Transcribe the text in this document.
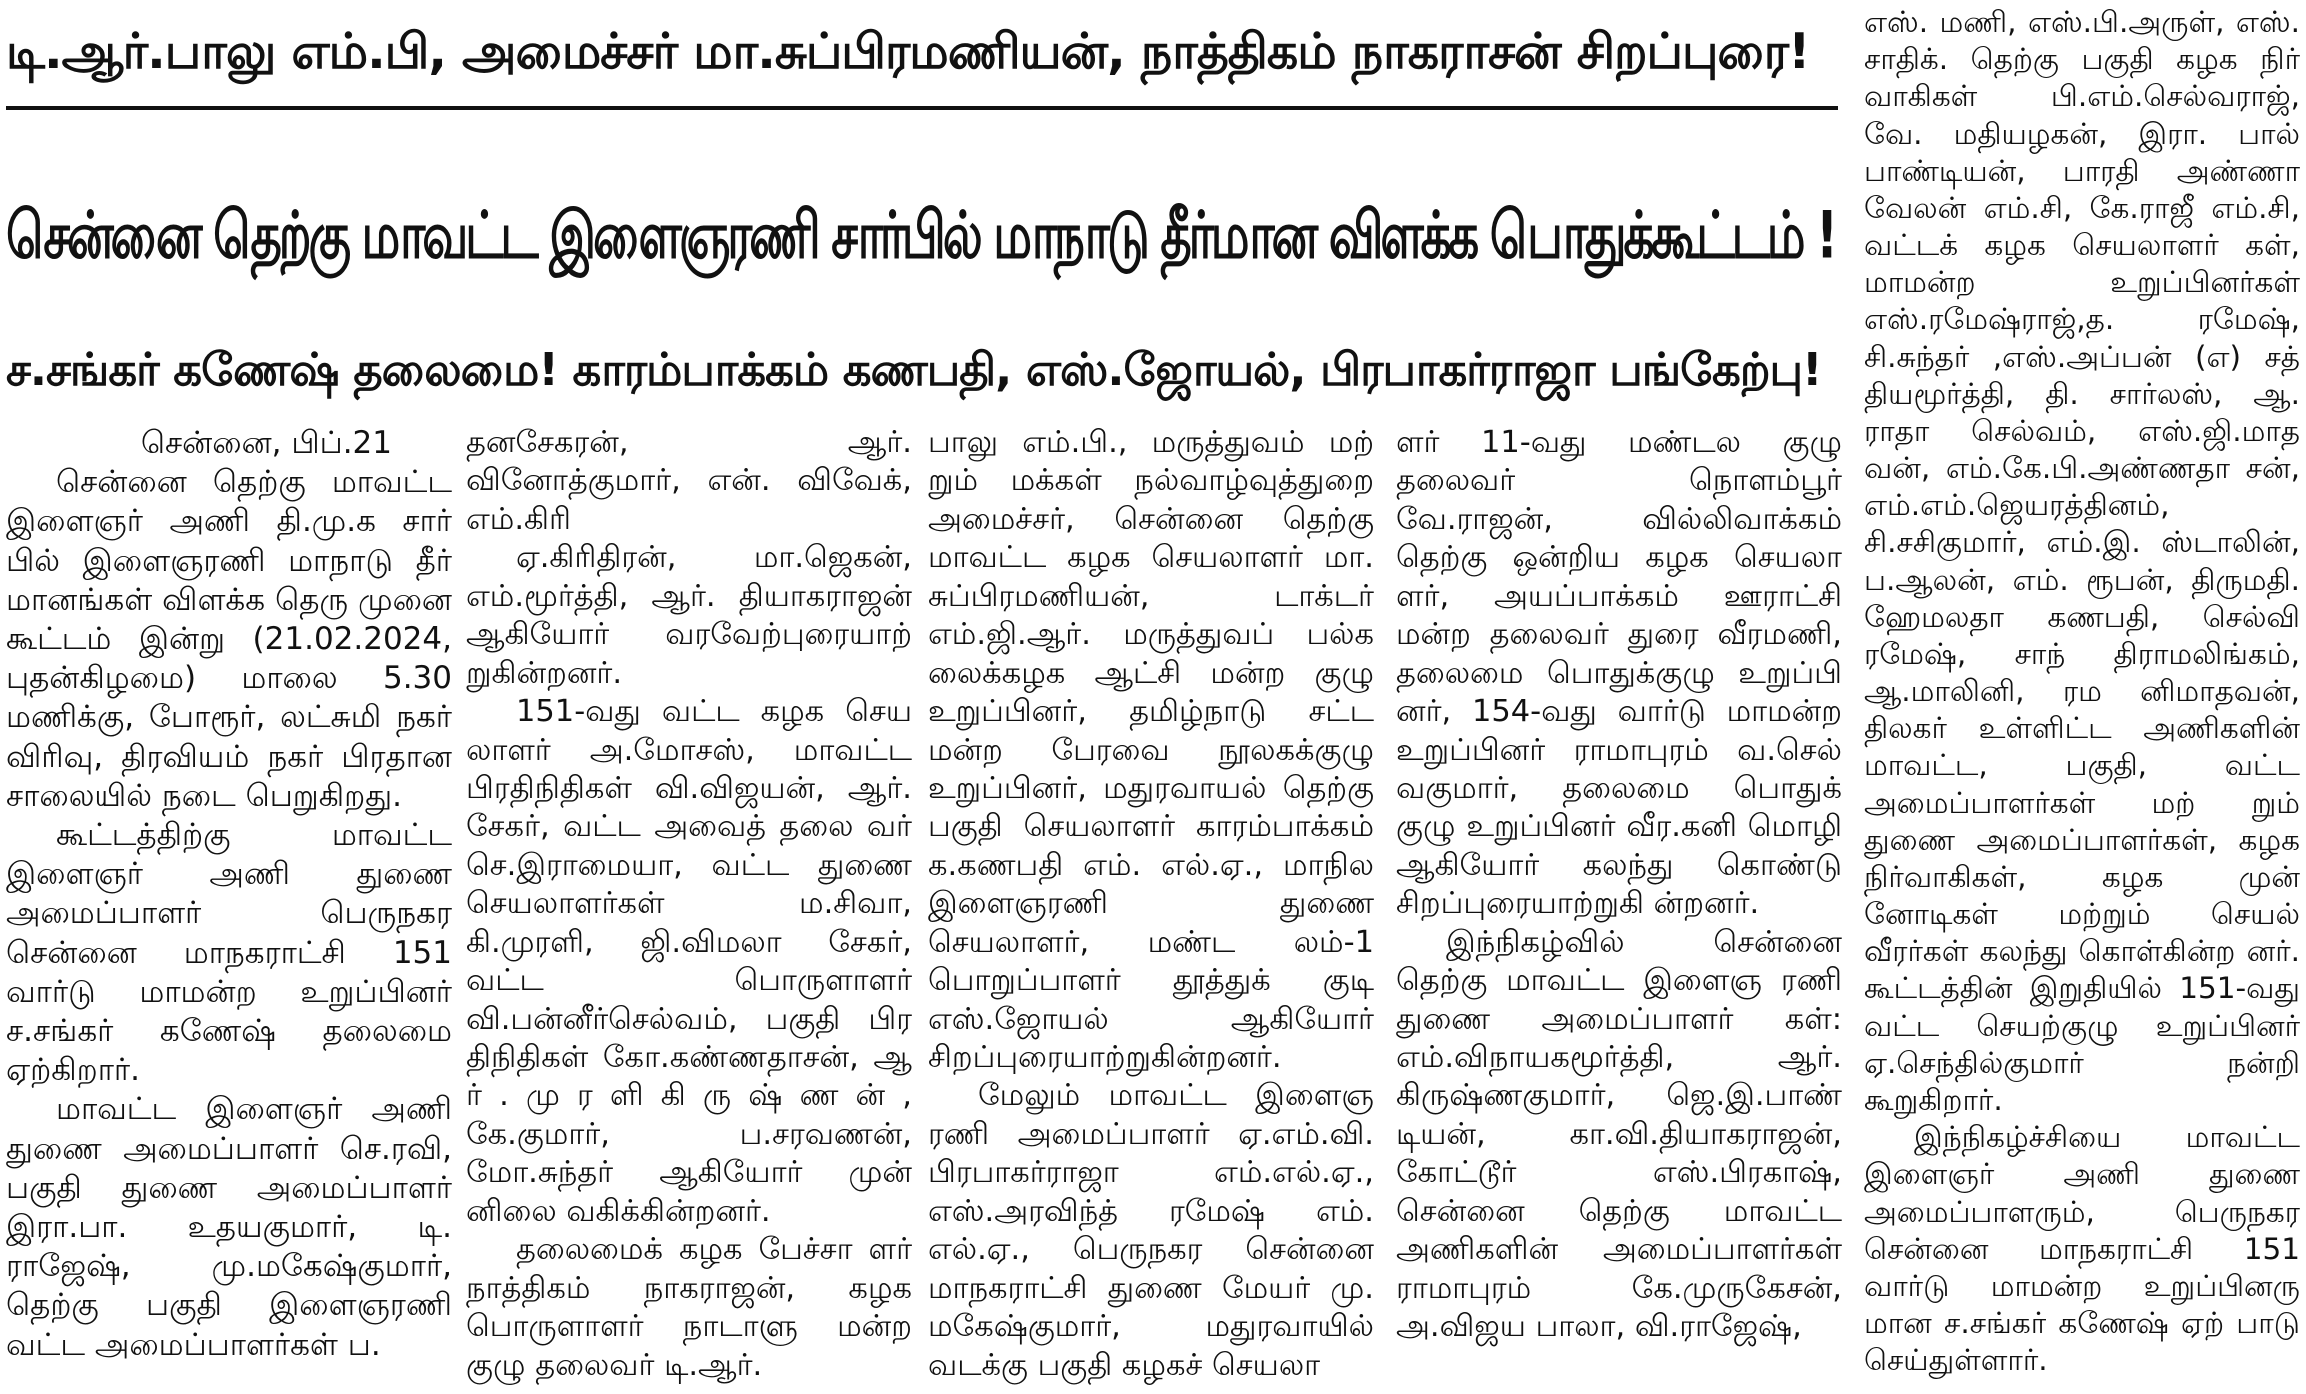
டி.ஆர்.பாலு எம்.பி, அமைச்சர் மா.சுப்பிரமணியன், நாத்திகம் நாகராசன் சிறப்புரை!
சென்னை தெற்கு மாவட்ட இளைஞரணி சார்பில் மாநாடு தீர்மான விளக்க பொதுக்கூட்டம் !
ச.சங்கர் கணேஷ் தலைமை! காரம்பாக்கம் கணபதி, எஸ்.ஜோயல், பிரபாகர்ராஜா பங்கேற்பு!

சென்னை, பிப்.21

சென்னை தெற்கு மாவட்ட இளைஞர் அணி தி.மு.க சார் பில் இளைஞரணி மாநாடு தீர் மானங்கள் விளக்க தெரு முனை கூட்டம் இன்று (21.02.2024, புதன்கிழமை) மாலை 5.30 மணிக்கு, போரூர், லட்சுமி நகர் விரிவு, திரவியம் நகர் பிரதான சாலையில் நடை பெறுகிறது.

கூட்டத்திற்கு மாவட்ட இளைஞர் அணி துணை அமைப்பாளர் பெருநகர சென்னை மாநகராட்சி 151 வார்டு மாமன்ற உறுப்பினர் ச.சங்கர் கணேஷ் தலைமை ஏற்கிறார்.

மாவட்ட இளைஞர் அணி துணை அமைப்பாளர் செ.ரவி, பகுதி துணை அமைப்பாளர் இரா.பா. உதயகுமார், டி. ராஜேஷ், மு.மகேஷ்குமார், தெற்கு பகுதி இளைஞரணி வட்ட அமைப்பாளர்கள் ப.

தனசேகரன், ஆர். வினோத்குமார், என். விவேக், எம்.கிரி

ஏ.கிரிதிரன், மா.ஜெகன், எம்.மூர்த்தி, ஆர். தியாகராஜன் ஆகியோர் வரவேற்புரையாற் றுகின்றனர்.

151-வது வட்ட கழக செய லாளர் அ.மோசஸ், மாவட்ட பிரதிநிதிகள் வி.விஜயன், ஆர். சேகர், வட்ட அவைத் தலை வர் செ.இராமையா, வட்ட துணை செயலாளர்கள் ம.சிவா, கி.முரளி, ஜி.விமலா சேகர், வட்ட பொருளாளர் வி.பன்னீர்செல்வம், பகுதி பிர திநிதிகள் கோ.கண்ணதாசன், ஆ ர் . மு ர ளி கி ரு ஷ் ண ன் , கே.குமார், ப.சரவணன், மோ.சுந்தர் ஆகியோர் முன் னிலை வகிக்கின்றனர்.

தலைமைக் கழக பேச்சா ளர் நாத்திகம் நாகராஜன், கழக பொருளாளர் நாடாளு மன்ற குழு தலைவர் டி.ஆர்.

பாலு எம்.பி., மருத்துவம் மற் றும் மக்கள் நல்வாழ்வுத்துறை அமைச்சர், சென்னை தெற்கு மாவட்ட கழக செயலாளர் மா. சுப்பிரமணியன், டாக்டர் எம்.ஜி.ஆர். மருத்துவப் பல்க லைக்கழக ஆட்சி மன்ற குழு உறுப்பினர், தமிழ்நாடு சட்ட மன்ற பேரவை நூலகக்குழு உறுப்பினர், மதுரவாயல் தெற்கு பகுதி செயலாளர் காரம்பாக்கம் க.கணபதி எம். எல்.ஏ., மாநில இளைஞரணி துணை செயலாளர், மண்ட லம்-1 பொறுப்பாளர் தூத்துக் குடி எஸ்.ஜோயல் ஆகியோர் சிறப்புரையாற்றுகின்றனர்.

மேலும் மாவட்ட இளைஞ ரணி அமைப்பாளர் ஏ.எம்.வி. பிரபாகர்ராஜா எம்.எல்.ஏ., எஸ்.அரவிந்த் ரமேஷ் எம். எல்.ஏ., பெருநகர சென்னை மாநகராட்சி துணை மேயர் மு. மகேஷ்குமார், மதுரவாயில் வடக்கு பகுதி கழகச் செயலா

ளர் 11-வது மண்டல குழு தலைவர் நொளம்பூர் வே.ராஜன், வில்லிவாக்கம் தெற்கு ஒன்றிய கழக செயலா ளர், அயப்பாக்கம் ஊராட்சி மன்ற தலைவர் துரை வீரமணி, தலைமை பொதுக்குழு உறுப்பி னர், 154-வது வார்டு மாமன்ற உறுப்பினர் ராமாபுரம் வ.செல் வகுமார், தலைமை பொதுக் குழு உறுப்பினர் வீர.கனி மொழி ஆகியோர் கலந்து கொண்டு சிறப்புரையாற்றுகி ன்றனர்.

இந்நிகழ்வில் சென்னை தெற்கு மாவட்ட இளைஞ ரணி துணை அமைப்பாளர் கள்: எம்.விநாயகமூர்த்தி, ஆர். கிருஷ்ணகுமார், ஜெ.இ.பாண் டியன், கா.வி.தியாகராஜன், கோட்டூர் எஸ்.பிரகாஷ், சென்னை தெற்கு மாவட்ட அணிகளின் அமைப்பாளர்கள் ராமாபுரம் கே.முருகேசன், அ.விஜய பாலா, வி.ராஜேஷ்,

எஸ். மணி, எஸ்.பி.அருள், எஸ். சாதிக். தெற்கு பகுதி கழக நிர் வாகிகள் பி.எம்.செல்வராஜ், வே. மதியழகன், இரா. பால் பாண்டியன், பாரதி அண்ணா வேலன் எம்.சி, கே.ராஜீ எம்.சி, வட்டக் கழக செயலாளர் கள், மாமன்ற உறுப்பினர்கள் எஸ்.ரமேஷ்ராஜ்,த. ரமேஷ், சி.சுந்தர் ,எஸ்.அப்பன் (எ) சத் தியமூர்த்தி, தி. சார்லஸ், ஆ. ராதா செல்வம், எஸ்.ஜி.மாத வன், எம்.கே.பி.அண்ணதா சன், எம்.எம்.ஜெயரத்தினம், சி.சசிகுமார், எம்.இ. ஸ்டாலின், ப.ஆலன், எம். ரூபன், திருமதி. ஹேமலதா கணபதி, செல்வி ரமேஷ், சாந் திராமலிங்கம், ஆ.மாலினி, ரம னிமாதவன், திலகர் உள்ளிட்ட அணிகளின் மாவட்ட, பகுதி, வட்ட அமைப்பாளர்கள் மற் றும் துணை அமைப்பாளர்கள், கழக நிர்வாகிகள், கழக முன் னோடிகள் மற்றும் செயல் வீரர்கள் கலந்து கொள்கின்ற னர். கூட்டத்தின் இறுதியில் 151-வது வட்ட செயற்குழு உறுப்பினர் ஏ.செந்தில்குமார் நன்றி கூறுகிறார்.

இந்நிகழ்ச்சியை மாவட்ட இளைஞர் அணி துணை அமைப்பாளரும், பெருநகர சென்னை மாநகராட்சி 151 வார்டு மாமன்ற உறுப்பினரு மான ச.சங்கர் கணேஷ் ஏற் பாடு செய்துள்ளார்.
